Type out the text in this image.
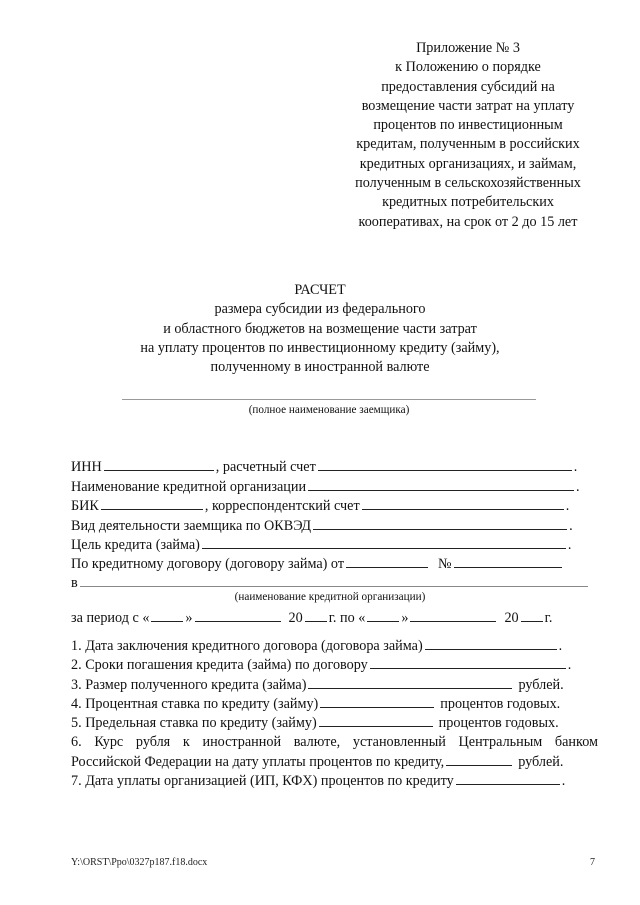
Приложение № 3
к Положению о порядке
предоставления субсидий на
возмещение части затрат на уплату
процентов по инвестиционным
кредитам, полученным в российских
кредитных организациях, и займам,
полученным в сельскохозяйственных
кредитных потребительских
кооперативах, на срок от 2 до 15 лет
РАСЧЕТ
размера субсидии из федерального
и областного бюджетов на возмещение части затрат
на уплату процентов по инвестиционному кредиту (займу),
полученному в иностранной валюте
(полное наименование заемщика)
ИНН	, расчетный счет	.
Наименование кредитной организации	.
БИК	, корреспондентский счет	.
Вид деятельности заемщика по ОКВЭД	.
Цель кредита (займа)	.
По кредитному договору (договору займа) от	№
в
(наименование кредитной организации)
за период с «	»	20 г. по «	»	20 г.
1. Дата заключения кредитного договора (договора займа)	.
2. Сроки погашения кредита (займа) по договору	.
3. Размер полученного кредита (займа)	рублей.
4. Процентная ставка по кредиту (займу)	процентов годовых.
5. Предельная ставка по кредиту (займу)	процентов годовых.
6. Курс рубля к иностранной валюте, установленный Центральным банком
Российской Федерации на дату уплаты процентов по кредиту,	рублей.
7. Дата уплаты организацией (ИП, КФХ) процентов по кредиту	.
Y:\ORST\Ppo\0327p187.f18.docx	7
